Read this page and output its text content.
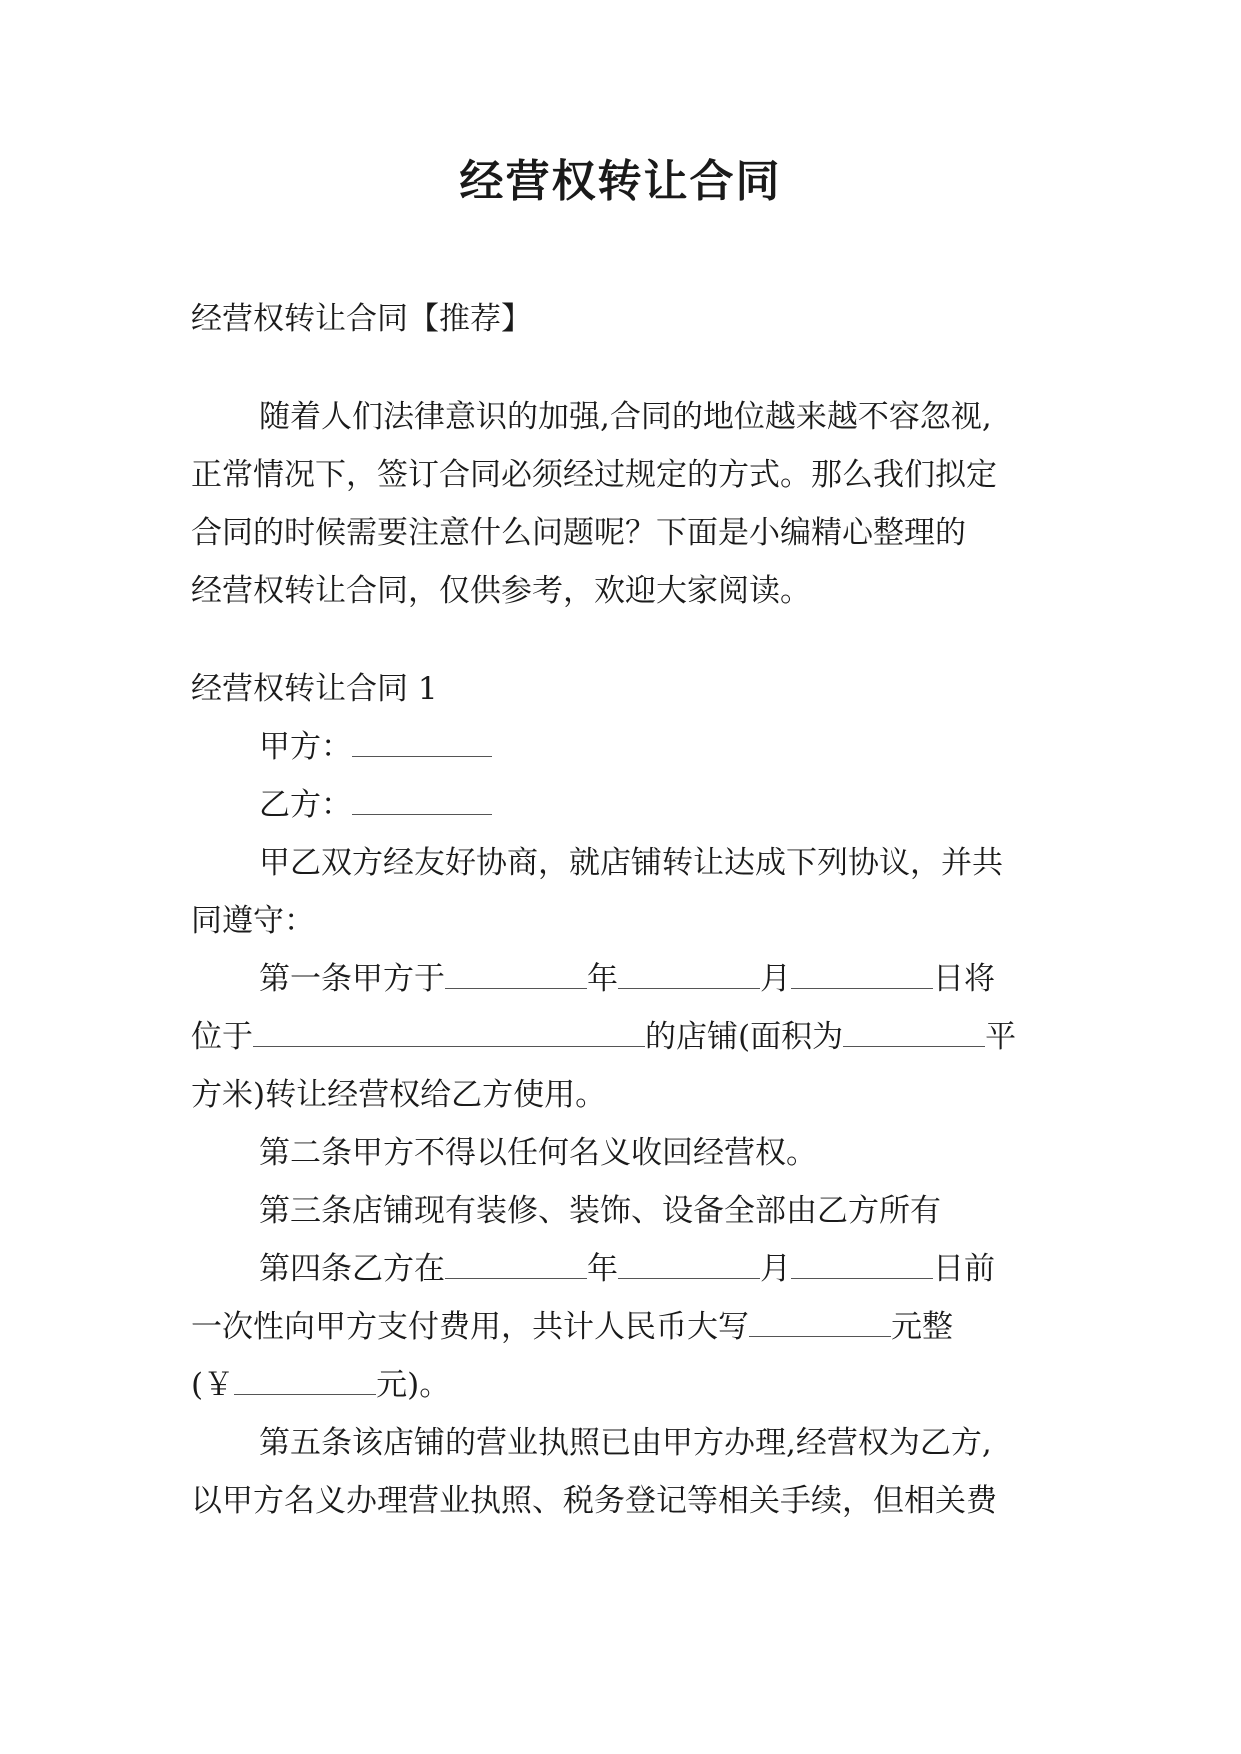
经营权转让合同
经营权转让合同【推荐】
随着人们法律意识的加强,合同的地位越来越不容忽视,
正常情况下，签订合同必须经过规定的方式。那么我们拟定
合同的时候需要注意什么问题呢？下面是小编精心整理的
经营权转让合同，仅供参考，欢迎大家阅读。
经营权转让合同 1
甲方：
乙方：
甲乙双方经友好协商，就店铺转让达成下列协议，并共
同遵守：
第一条甲方于	年	月	日将
位于	的店铺(面积为	平
方米)转让经营权给乙方使用。
第二条甲方不得以任何名义收回经营权。
第三条店铺现有装修、装饰、设备全部由乙方所有
第四条乙方在	年	月	日前
一次性向甲方支付费用，共计人民币大写	元整
(￥	元)。
第五条该店铺的营业执照已由甲方办理,经营权为乙方,
以甲方名义办理营业执照、税务登记等相关手续，但相关费
